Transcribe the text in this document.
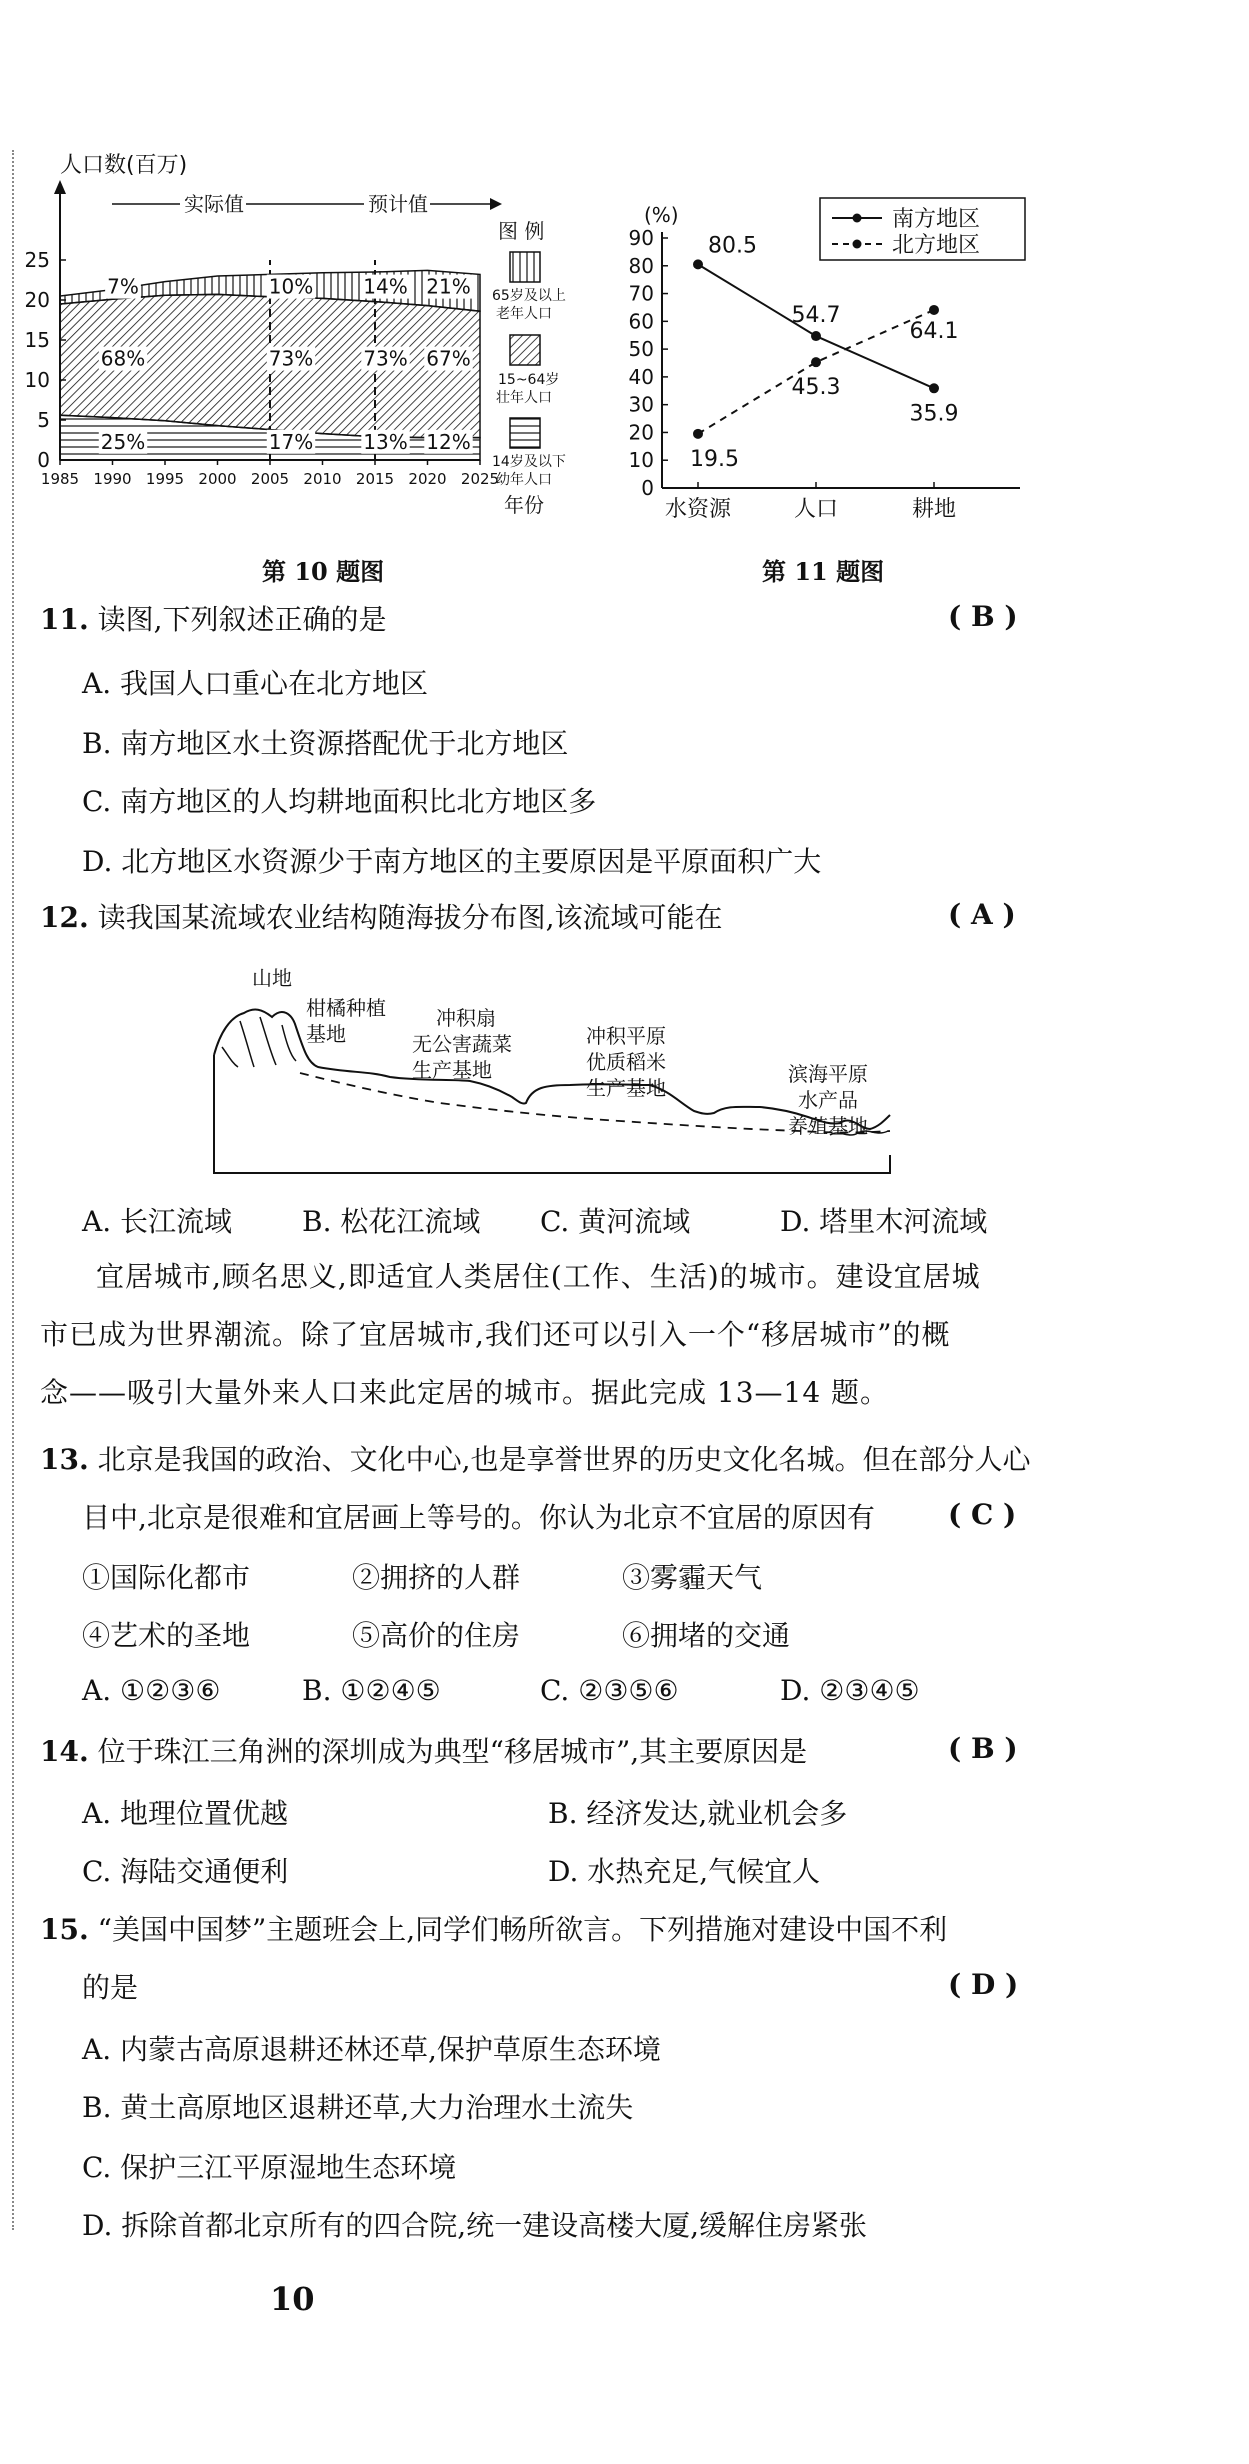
0
5
10
15
20
25
1985 1990 1995 2000 2005 2010 2015 2020 2025
7%	10%	14% 21%
68%	73%	73% 67%
25%	17%	13% 12%
人口数(百万)
实际值	预计值
图 例
65岁及以上
老年人口
15~64岁
壮年人口
14岁及以下
幼年人口
年份
第 10 题图
0
10
20
30
40
50
60
70
80
90
水资源	人口	耕地
80.5
54.7
35.9
19.5
45.3
64.1
(%)	南方地区
北方地区
第 11 题图
11. 读图,下列叙述正确的是	( B )
A. 我国人口重心在北方地区
B. 南方地区水土资源搭配优于北方地区
C. 南方地区的人均耕地面积比北方地区多
D. 北方地区水资源少于南方地区的主要原因是平原面积广大
12. 读我国某流域农业结构随海拔分布图,该流域可能在	( A )
山地
柑橘种植
基地
冲积扇
无公害蔬菜
生产基地
冲积平原
优质稻米
生产基地
滨海平原
水产品
养殖基地
A. 长江流域 B. 松花江流域 C. 黄河流域	D. 塔里木河流域

宜居城市,顾名思义,即适宜人类居住(工作、生活)的城市。建设宜居城

市已成为世界潮流。除了宜居城市,我们还可以引入一个“移居城市”的概

念——吸引大量外来人口来此定居的城市。据此完成 13—14 题。

13. 北京是我国的政治、文化中心,也是享誉世界的历史文化名城。但在部分人心
目中,北京是很难和宜居画上等号的。你认为北京不宜居的原因有	( C )
①国际化都市	②拥挤的人群	③雾霾天气
④艺术的圣地	⑤高价的住房	⑥拥堵的交通
A. ①②③⑥	B. ①②④⑤	C. ②③⑤⑥	D. ②③④⑤
14. 位于珠江三角洲的深圳成为典型“移居城市”,其主要原因是	( B )
A. 地理位置优越	B. 经济发达,就业机会多
C. 海陆交通便利	D. 水热充足,气候宜人
15. “美国中国梦”主题班会上,同学们畅所欲言。下列措施对建设中国不利
的是	( D )
A. 内蒙古高原退耕还林还草,保护草原生态环境
B. 黄土高原地区退耕还草,大力治理水土流失
C. 保护三江平原湿地生态环境
D. 拆除首都北京所有的四合院,统一建设高楼大厦,缓解住房紧张
10
